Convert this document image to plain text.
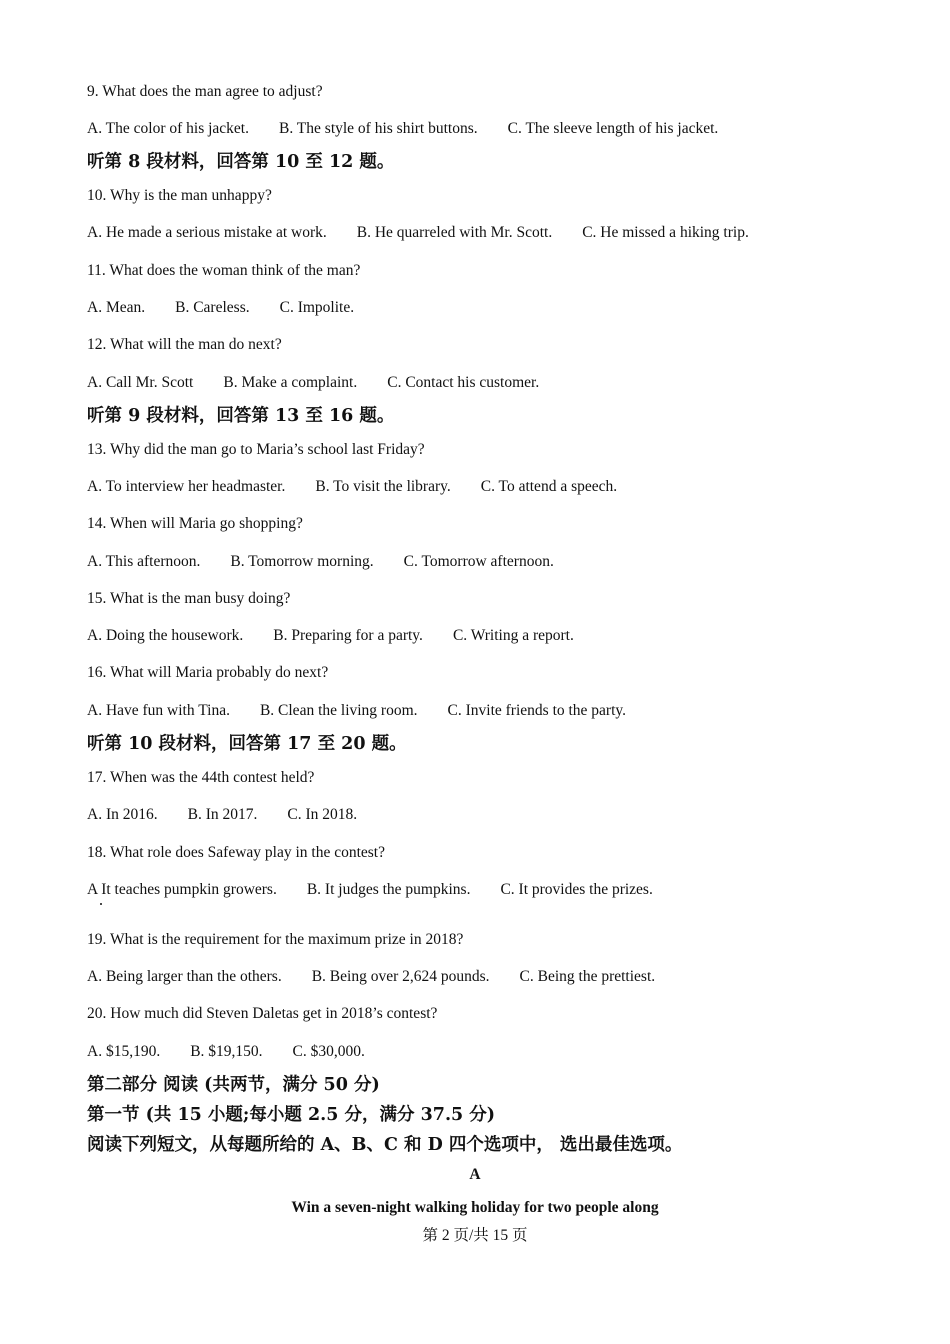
9. What does the man agree to adjust?
A. The color of his jacket. B. The style of his shirt buttons. C. The sleeve length of his jacket.
听第 8 段材料，回答第 10 至 12 题。
10. Why is the man unhappy?
A. He made a serious mistake at work. B. He quarreled with Mr. Scott. C. He missed a hiking trip.
11. What does the woman think of the man?
A. Mean. B. Careless. C. Impolite.
12. What will the man do next?
A. Call Mr. Scott B. Make a complaint. C. Contact his customer.
听第 9 段材料，回答第 13 至 16 题。
13. Why did the man go to Maria’s school last Friday?
A. To interview her headmaster. B. To visit the library. C. To attend a speech.
14. When will Maria go shopping?
A. This afternoon. B. Tomorrow morning. C. Tomorrow afternoon.
15. What is the man busy doing?
A. Doing the housework. B. Preparing for a party. C. Writing a report.
16. What will Maria probably do next?
A. Have fun with Tina. B. Clean the living room. C. Invite friends to the party.
听第 10 段材料，回答第 17 至 20 题。
17. When was the 44th contest held?
A. In 2016. B. In 2017. C. In 2018.
18. What role does Safeway play in the contest?
A It teaches pumpkin growers. B. It judges the pumpkins. C. It provides the prizes.
19. What is the requirement for the maximum prize in 2018?
A. Being larger than the others. B. Being over 2,624 pounds. C. Being the prettiest.
20. How much did Steven Daletas get in 2018’s contest?
A. $15,190. B. $19,150. C. $30,000.
第二部分 阅读 (共两节，满分 50 分)
第一节 (共 15 小题;每小题 2.5 分，满分 37.5 分)
阅读下列短文，从每题所给的 A、B、C 和 D 四个选项中， 选出最佳选项。
A
Win a seven-night walking holiday for two people along
第 2 页/共 15 页
